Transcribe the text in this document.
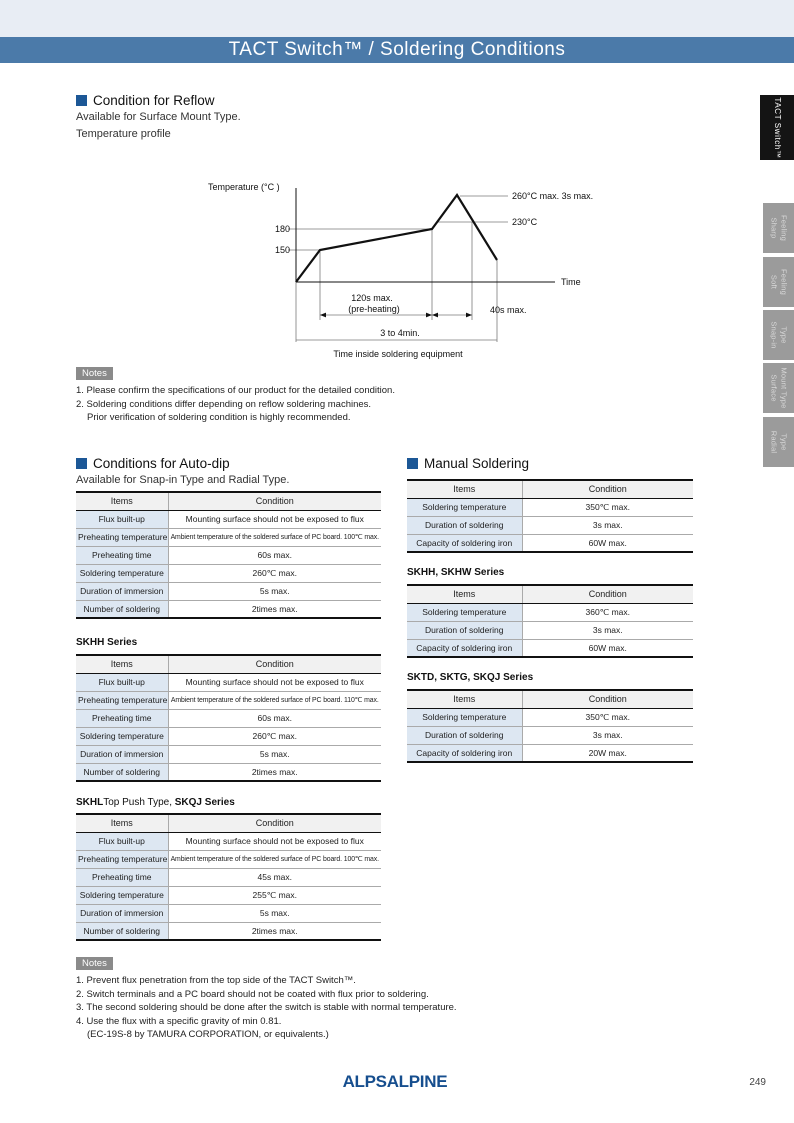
TACT Switch™ / Soldering Conditions
TACT Switch™
Sharp Feeling
Soft Feeling
Snap-in Type
Surface Mount Type
Radial Type
Condition for Reflow
Available for Surface Mount Type.
Temperature profile
Temperature (°C )
180
150
260°C max. 3s max.
230°C
Time
120s max.
(pre-heating)	40s max.
3 to 4min.
Time inside soldering equipment
Notes
1. Please confirm the specifications of our product for the detailed condition.
2. Soldering conditions differ depending on reflow soldering machines.
Prior verification of soldering condition is highly recommended.
Conditions for Auto-dip
Available for Snap-in Type and Radial Type.
Items	Condition
Flux built-up	Mounting surface should not be exposed to flux
Preheating temperature	Ambient temperature of the soldered surface of PC board. 100℃ max.
Preheating time	60s max.
Soldering temperature	260℃ max.
Duration of immersion	5s max.
Number of soldering	2times max.
SKHH Series
Items	Condition
Flux built-up	Mounting surface should not be exposed to flux
Preheating temperature	Ambient temperature of the soldered surface of PC board. 110℃ max.
Preheating time	60s max.
Soldering temperature	260℃ max.
Duration of immersion	5s max.
Number of soldering	2times max.
SKHLTop Push Type, SKQJ Series
Items	Condition
Flux built-up	Mounting surface should not be exposed to flux
Preheating temperature	Ambient temperature of the soldered surface of PC board. 100℃ max.
Preheating time	45s max.
Soldering temperature	255℃ max.
Duration of immersion	5s max.
Number of soldering	2times max.
Manual Soldering
Items	Condition
Soldering temperature	350℃ max.
Duration of soldering	3s max.
Capacity of soldering iron	60W max.
SKHH, SKHW Series
Items	Condition
Soldering temperature	360℃ max.
Duration of soldering	3s max.
Capacity of soldering iron	60W max.
SKTD, SKTG, SKQJ Series
Items	Condition
Soldering temperature	350℃ max.
Duration of soldering	3s max.
Capacity of soldering iron	20W max.
Notes
1. Prevent flux penetration from the top side of the TACT Switch™.
2. Switch terminals and a PC board should not be coated with flux prior to soldering.
3. The second soldering should be done after the switch is stable with normal temperature.
4. Use the flux with a specific gravity of min 0.81.
(EC-19S-8 by TAMURA CORPORATION, or equivalents.)
ALPSALPINE	249
